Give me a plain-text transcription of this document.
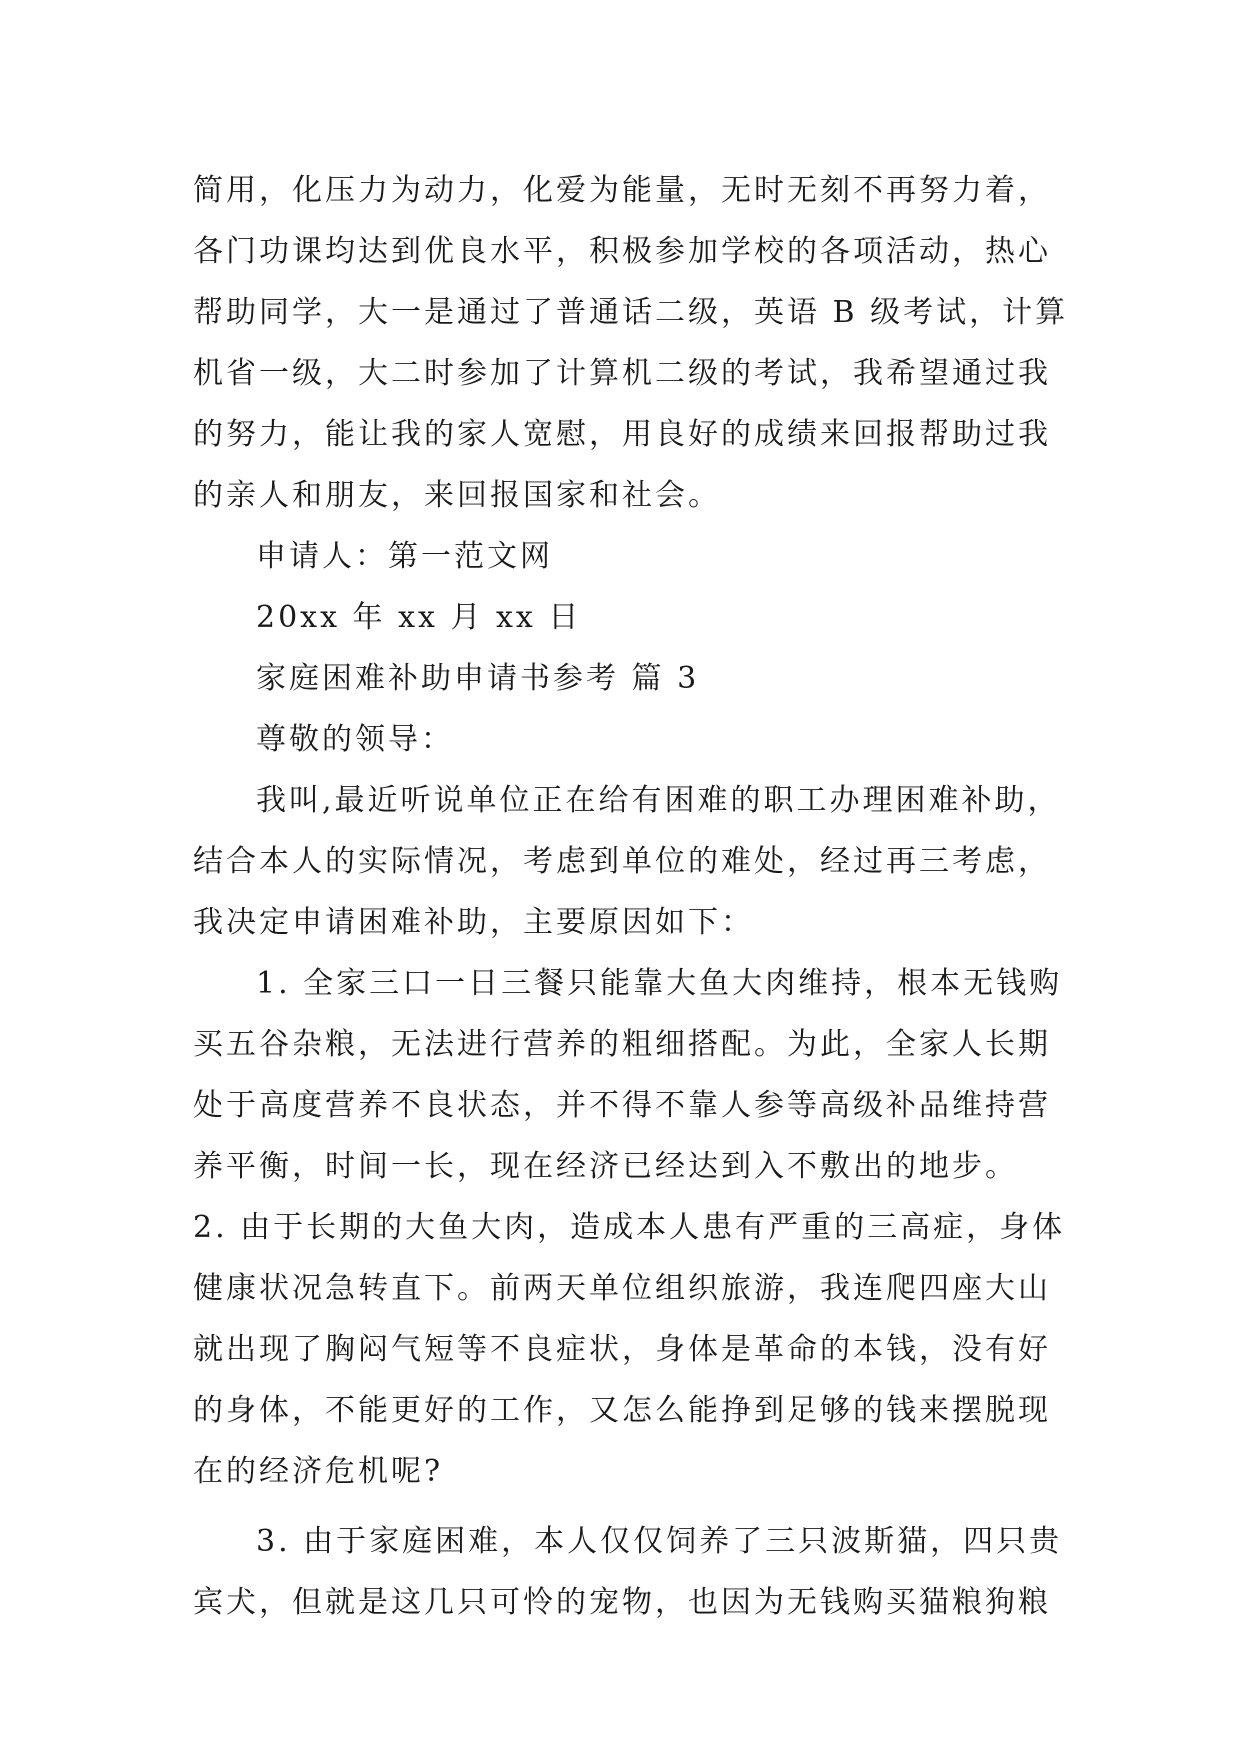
简用，化压力为动力，化爱为能量，无时无刻不再努力着，
各门功课均达到优良水平，积极参加学校的各项活动，热心
帮助同学，大一是通过了普通话二级，英语 B 级考试，计算
机省一级，大二时参加了计算机二级的考试，我希望通过我
的努力，能让我的家人宽慰，用良好的成绩来回报帮助过我
的亲人和朋友，来回报国家和社会。
申请人：第一范文网
20xx 年 xx 月 xx 日
家庭困难补助申请书参考 篇 3
尊敬的领导：
我叫,最近听说单位正在给有困难的职工办理困难补助，
结合本人的实际情况，考虑到单位的难处，经过再三考虑，
我决定申请困难补助，主要原因如下：
1. 全家三口一日三餐只能靠大鱼大肉维持，根本无钱购
买五谷杂粮，无法进行营养的粗细搭配。为此，全家人长期
处于高度营养不良状态，并不得不靠人参等高级补品维持营
养平衡，时间一长，现在经济已经达到入不敷出的地步。
2. 由于长期的大鱼大肉，造成本人患有严重的三高症，身体
健康状况急转直下。前两天单位组织旅游，我连爬四座大山
就出现了胸闷气短等不良症状，身体是革命的本钱，没有好
的身体，不能更好的工作，又怎么能挣到足够的钱来摆脱现
在的经济危机呢?
3. 由于家庭困难，本人仅仅饲养了三只波斯猫，四只贵
宾犬，但就是这几只可怜的宠物，也因为无钱购买猫粮狗粮
